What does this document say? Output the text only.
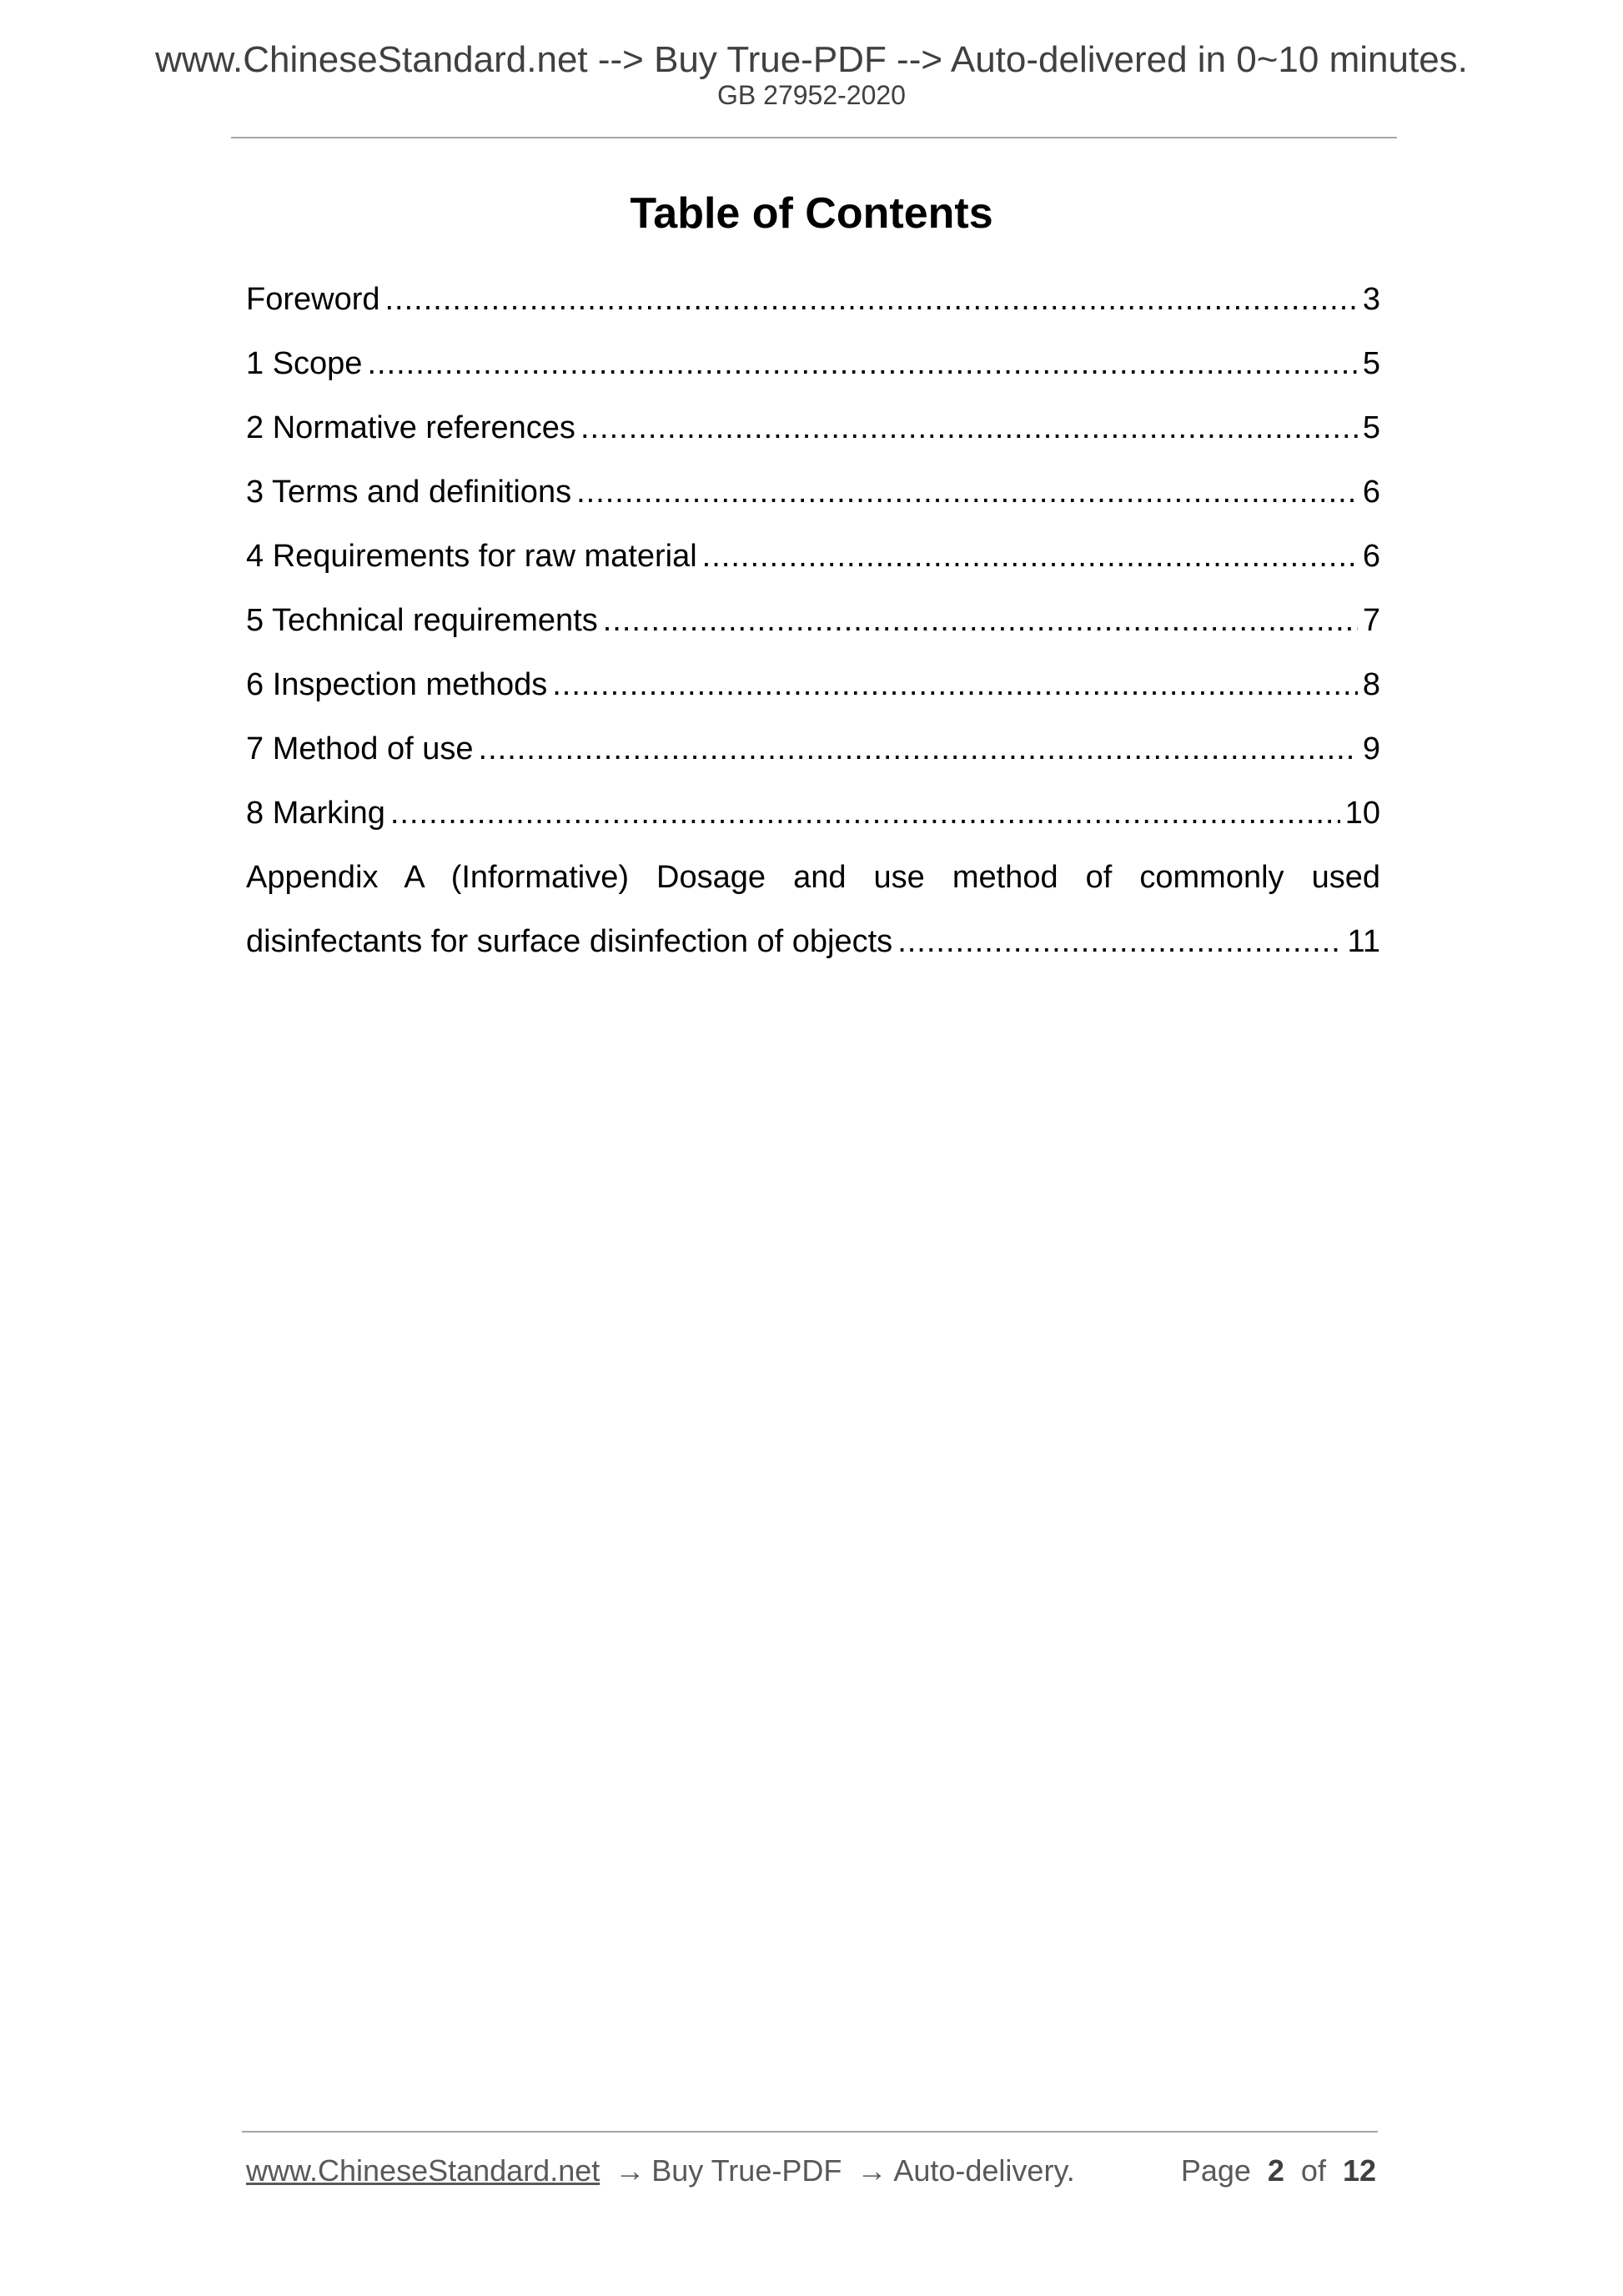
www.ChineseStandard.net --> Buy True-PDF --> Auto-delivered in 0~10 minutes.
GB 27952-2020
Table of Contents
Foreword .....	3
1 Scope .....	5
2 Normative references .....	5
3 Terms and definitions .....	6
4 Requirements for raw material .....	6
5 Technical requirements .....	7
6 Inspection methods .....	8
7 Method of use .....	9
8 Marking .....	10
Appendix A (Informative) Dosage and use method of commonly used
disinfectants for surface disinfection of objects .....	11
www.ChineseStandard.net → Buy True-PDF → Auto-delivery.	Page 2 of 12
